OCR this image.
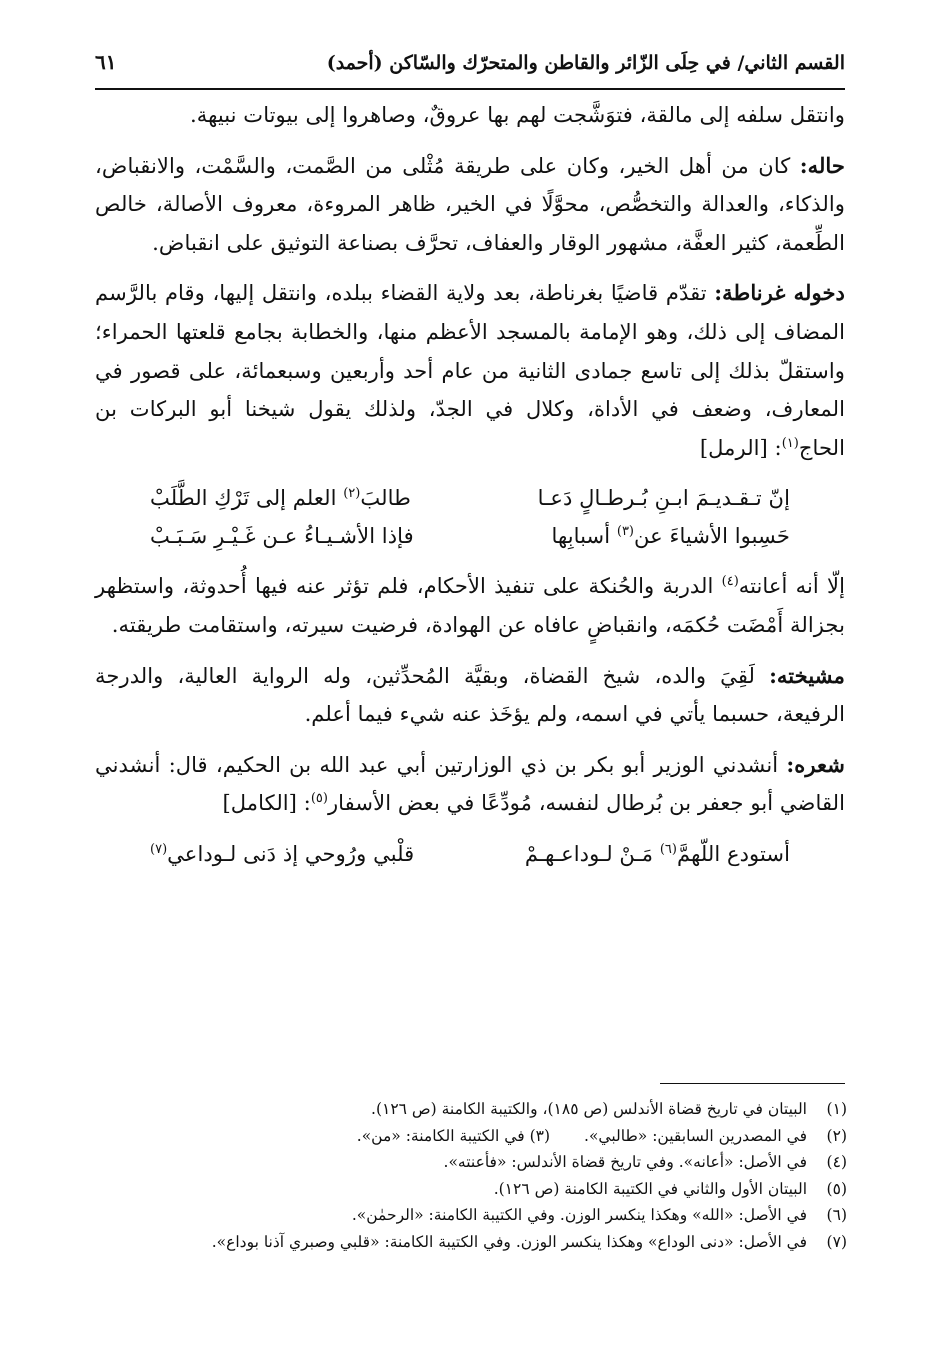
القسم الثاني/ في حِلَى الزّائر والقاطن والمتحرّك والسّاكن (أحمد)
٦١

وانتقل سلفه إلى مالقة، فتوَشَّجت لهم بها عروقٌ، وصاهروا إلى بيوتات نبيهة.

حاله: كان من أهل الخير، وكان على طريقة مُثْلى من الصَّمت، والسَّمْت، والانقباض، والذكاء، والعدالة والتخصُّص، محوَّلًا في الخير، ظاهر المروءة، معروف الأصالة، خالص الطِّعمة، كثير العفَّة، مشهور الوقار والعفاف، تحرَّف بصناعة التوثيق على انقباض.

دخوله غرناطة: تقدّم قاضيًا بغرناطة، بعد ولاية القضاء ببلده، وانتقل إليها، وقام بالرَّسم المضاف إلى ذلك، وهو الإمامة بالمسجد الأعظم منها، والخطابة بجامع قلعتها الحمراء؛ واستقلّ بذلك إلى تاسع جمادى الثانية من عام أحد وأربعين وسبعمائة، على قصور في المعارف، وضعف في الأداة، وكلال في الجدّ، ولذلك يقول شيخنا أبو البركات بن الحاج$^{(١)}$: [الرمل]

إنّ تـقـديـمَ ابـنِ بُـرطـالٍ دَعـا
طالبَ$^{(٢)}$ العلم إلى تَرْكِ الطَّلَبْ
حَسِبوا الأشياءَ عن$^{(٣)}$ أسبابِها
فإذا الأشـيـاءُ عـن غَـيْـرِ سَـبَـبْ

إلّا أنه أعانته$^{(٤)}$ الدربة والحُنكة على تنفيذ الأحكام، فلم تؤثر عنه فيها أُحدوثة، واستظهر بجزالة أَمْضَت حُكمَه، وانقباضٍ عافاه عن الهوادة، فرضيت سيرته، واستقامت طريقته.

مشيخته: لَقِيَ والده، شيخ القضاة، وبقيَّة المُحدِّثين، وله الرواية العالية، والدرجة الرفيعة، حسبما يأتي في اسمه، ولم يؤخَذ عنه شيء فيما أعلم.

شعره: أنشدني الوزير أبو بكر بن ذي الوزارتين أبي عبد الله بن الحكيم، قال: أنشدني القاضي أبو جعفر بن بُرطال لنفسه، مُودِّعًا في بعض الأسفار$^{(٥)}$: [الكامل]

أستودع اللّهمَّ$^{(٦)}$ مَـنْ لـوداعـهـمْ
قلْبي ورُوحي إذ دَنى لـوداعي$^{(٧)}$
(١)
البيتان في تاريخ قضاة الأندلس (ص ١٨٥)، والكتيبة الكامنة (ص ١٢٦).
(٢)
في المصدرين السابقين: «طالبي».(٣) في الكتيبة الكامنة: «من».
(٤)
في الأصل: «أعانه». وفي تاريخ قضاة الأندلس: «فأعنته».
(٥)
البيتان الأول والثاني في الكتيبة الكامنة (ص ١٢٦).
(٦)
في الأصل: «الله» وهكذا ينكسر الوزن. وفي الكتيبة الكامنة: «الرحمٰن».
(٧)
في الأصل: «دنى الوداع» وهكذا ينكسر الوزن. وفي الكتيبة الكامنة: «قلبي وصبري آذنا بوداع».
